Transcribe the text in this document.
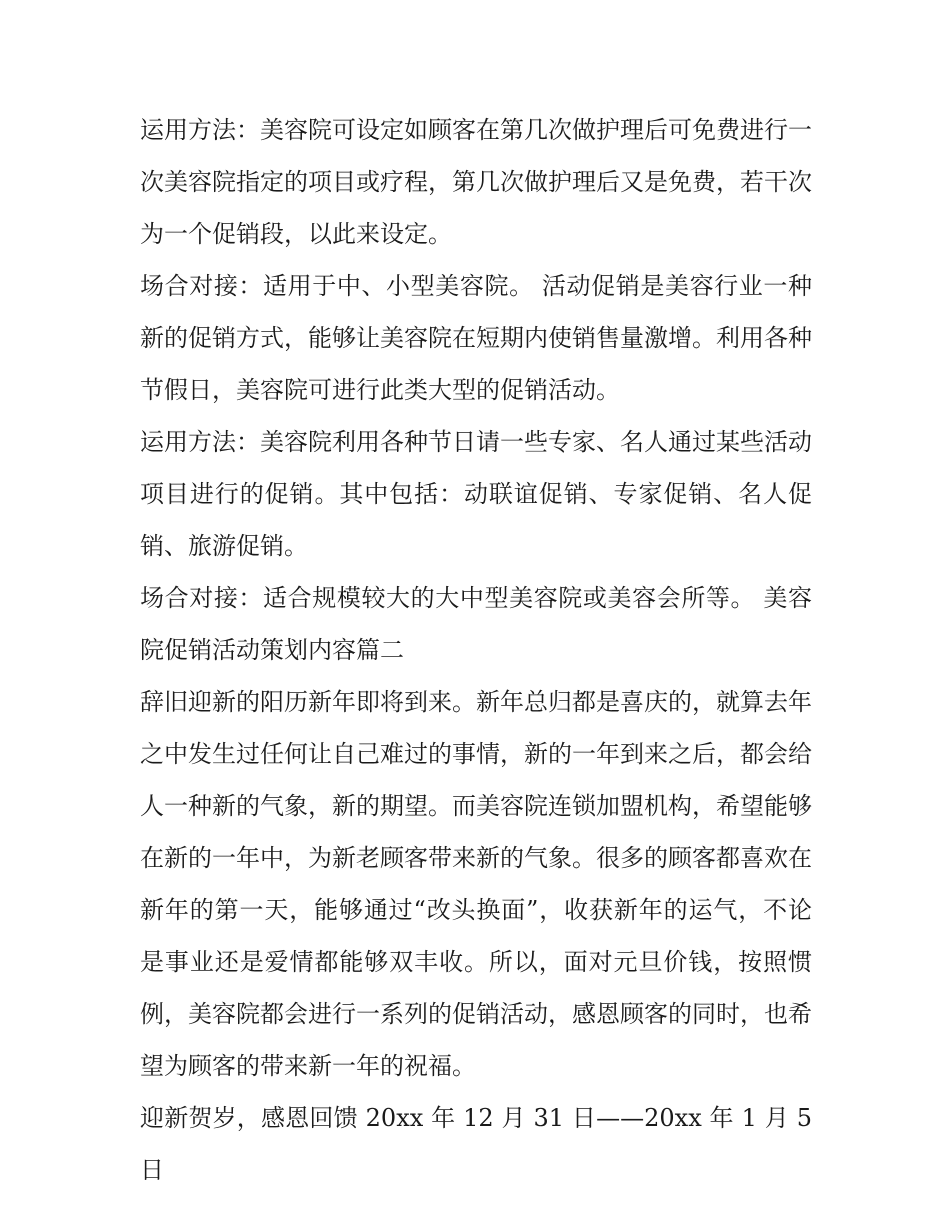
运用方法：美容院可设定如顾客在第几次做护理后可免费进行一次美容院指定的项目或疗程，第几次做护理后又是免费，若干次为一个促销段，以此来设定。

场合对接：适用于中、小型美容院。 活动促销是美容行业一种新的促销方式，能够让美容院在短期内使销售量激增。利用各种节假日，美容院可进行此类大型的促销活动。

运用方法：美容院利用各种节日请一些专家、名人通过某些活动项目进行的促销。其中包括：动联谊促销、专家促销、名人促销、旅游促销。

场合对接：适合规模较大的大中型美容院或美容会所等。 美容院促销活动策划内容篇二

辞旧迎新的阳历新年即将到来。新年总归都是喜庆的，就算去年之中发生过任何让自己难过的事情，新的一年到来之后，都会给人一种新的气象，新的期望。而美容院连锁加盟机构，希望能够在新的一年中，为新老顾客带来新的气象。很多的顾客都喜欢在新年的第一天，能够通过“改头换面”，收获新年的运气，不论是事业还是爱情都能够双丰收。所以，面对元旦价钱，按照惯例，美容院都会进行一系列的促销活动，感恩顾客的同时，也希望为顾客的带来新一年的祝福。

迎新贺岁，感恩回馈 20xx 年 12 月 31 日——20xx 年 1 月 5 日
